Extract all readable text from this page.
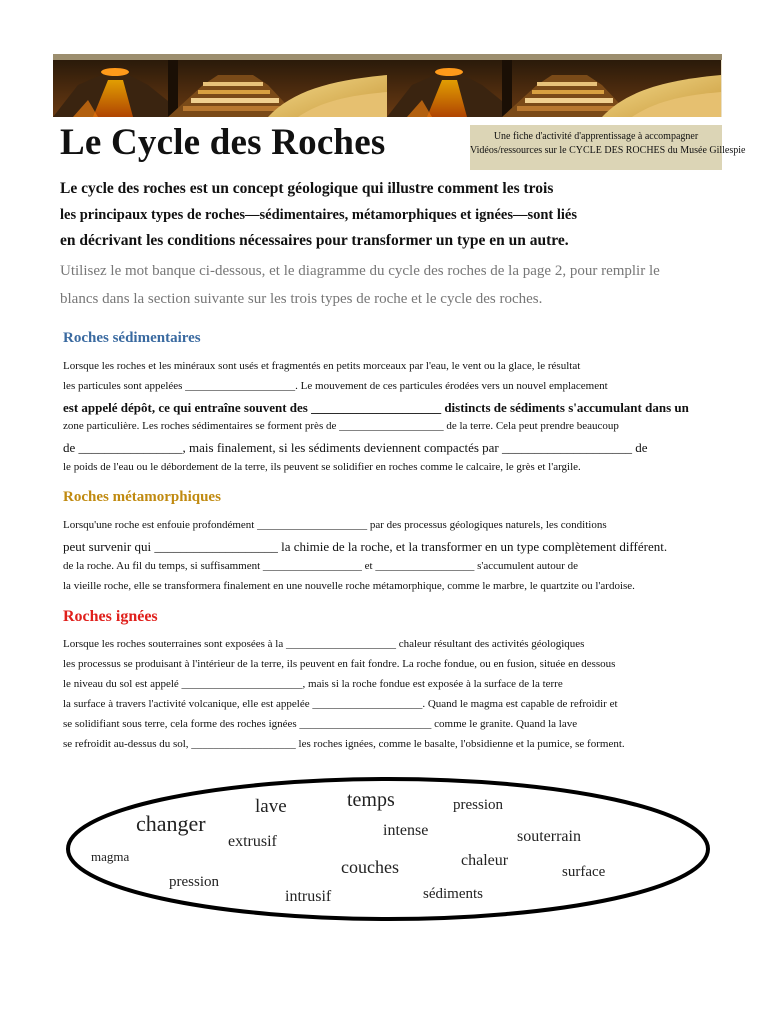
Le Cycle des Roches	Une fiche d'activité d'apprentissage à accompagner
Vidéos/ressources sur le CYCLE DES ROCHES du Musée Gillespie
Le cycle des roches est un concept géologique qui illustre comment les trois
les principaux types de roches—sédimentaires, métamorphiques et ignées—sont liés
en décrivant les conditions nécessaires pour transformer un type en un autre.
Utilisez le mot banque ci-dessous, et le diagramme du cycle des roches de la page 2, pour remplir le
blancs dans la section suivante sur les trois types de roche et le cycle des roches.
Roches sédimentaires
Lorsque les roches et les minéraux sont usés et fragmentés en petits morceaux par l'eau, le vent ou la glace, le résultat
les particules sont appelées ____________________. Le mouvement de ces particules érodées vers un nouvel emplacement
est appelé dépôt, ce qui entraîne souvent des ____________________ distincts de sédiments s'accumulant dans un
zone particulière. Les roches sédimentaires se forment près de ___________________ de la terre. Cela peut prendre beaucoup
de ________________, mais finalement, si les sédiments deviennent compactés par ____________________ de
le poids de l'eau ou le débordement de la terre, ils peuvent se solidifier en roches comme le calcaire, le grès et l'argile.
Roches métamorphiques
Lorsqu'une roche est enfouie profondément ____________________ par des processus géologiques naturels, les conditions
peut survenir qui ___________________ la chimie de la roche, et la transformer en un type complètement différent.
de la roche. Au fil du temps, si suffisamment __________________ et __________________ s'accumulent autour de
la vieille roche, elle se transformera finalement en une nouvelle roche métamorphique, comme le marbre, le quartzite ou l'ardoise.
Roches ignées
Lorsque les roches souterraines sont exposées à la ____________________ chaleur résultant des activités géologiques
les processus se produisant à l'intérieur de la terre, ils peuvent en fait fondre. La roche fondue, ou en fusion, située en dessous
le niveau du sol est appelé ______________________, mais si la roche fondue est exposée à la surface de la terre
la surface à travers l'activité volcanique, elle est appelée ____________________. Quand le magma est capable de refroidir et
se solidifiant sous terre, cela forme des roches ignées ________________________ comme le granite. Quand la lave
se refroidit au-dessus du sol, ___________________ les roches ignées, comme le basalte, l'obsidienne et la pumice, se forment.
lave	temps	pression
changer
extrusif
intense	souterrain
magma
couches	chaleur
surface
pression
intrusif	sédiments
